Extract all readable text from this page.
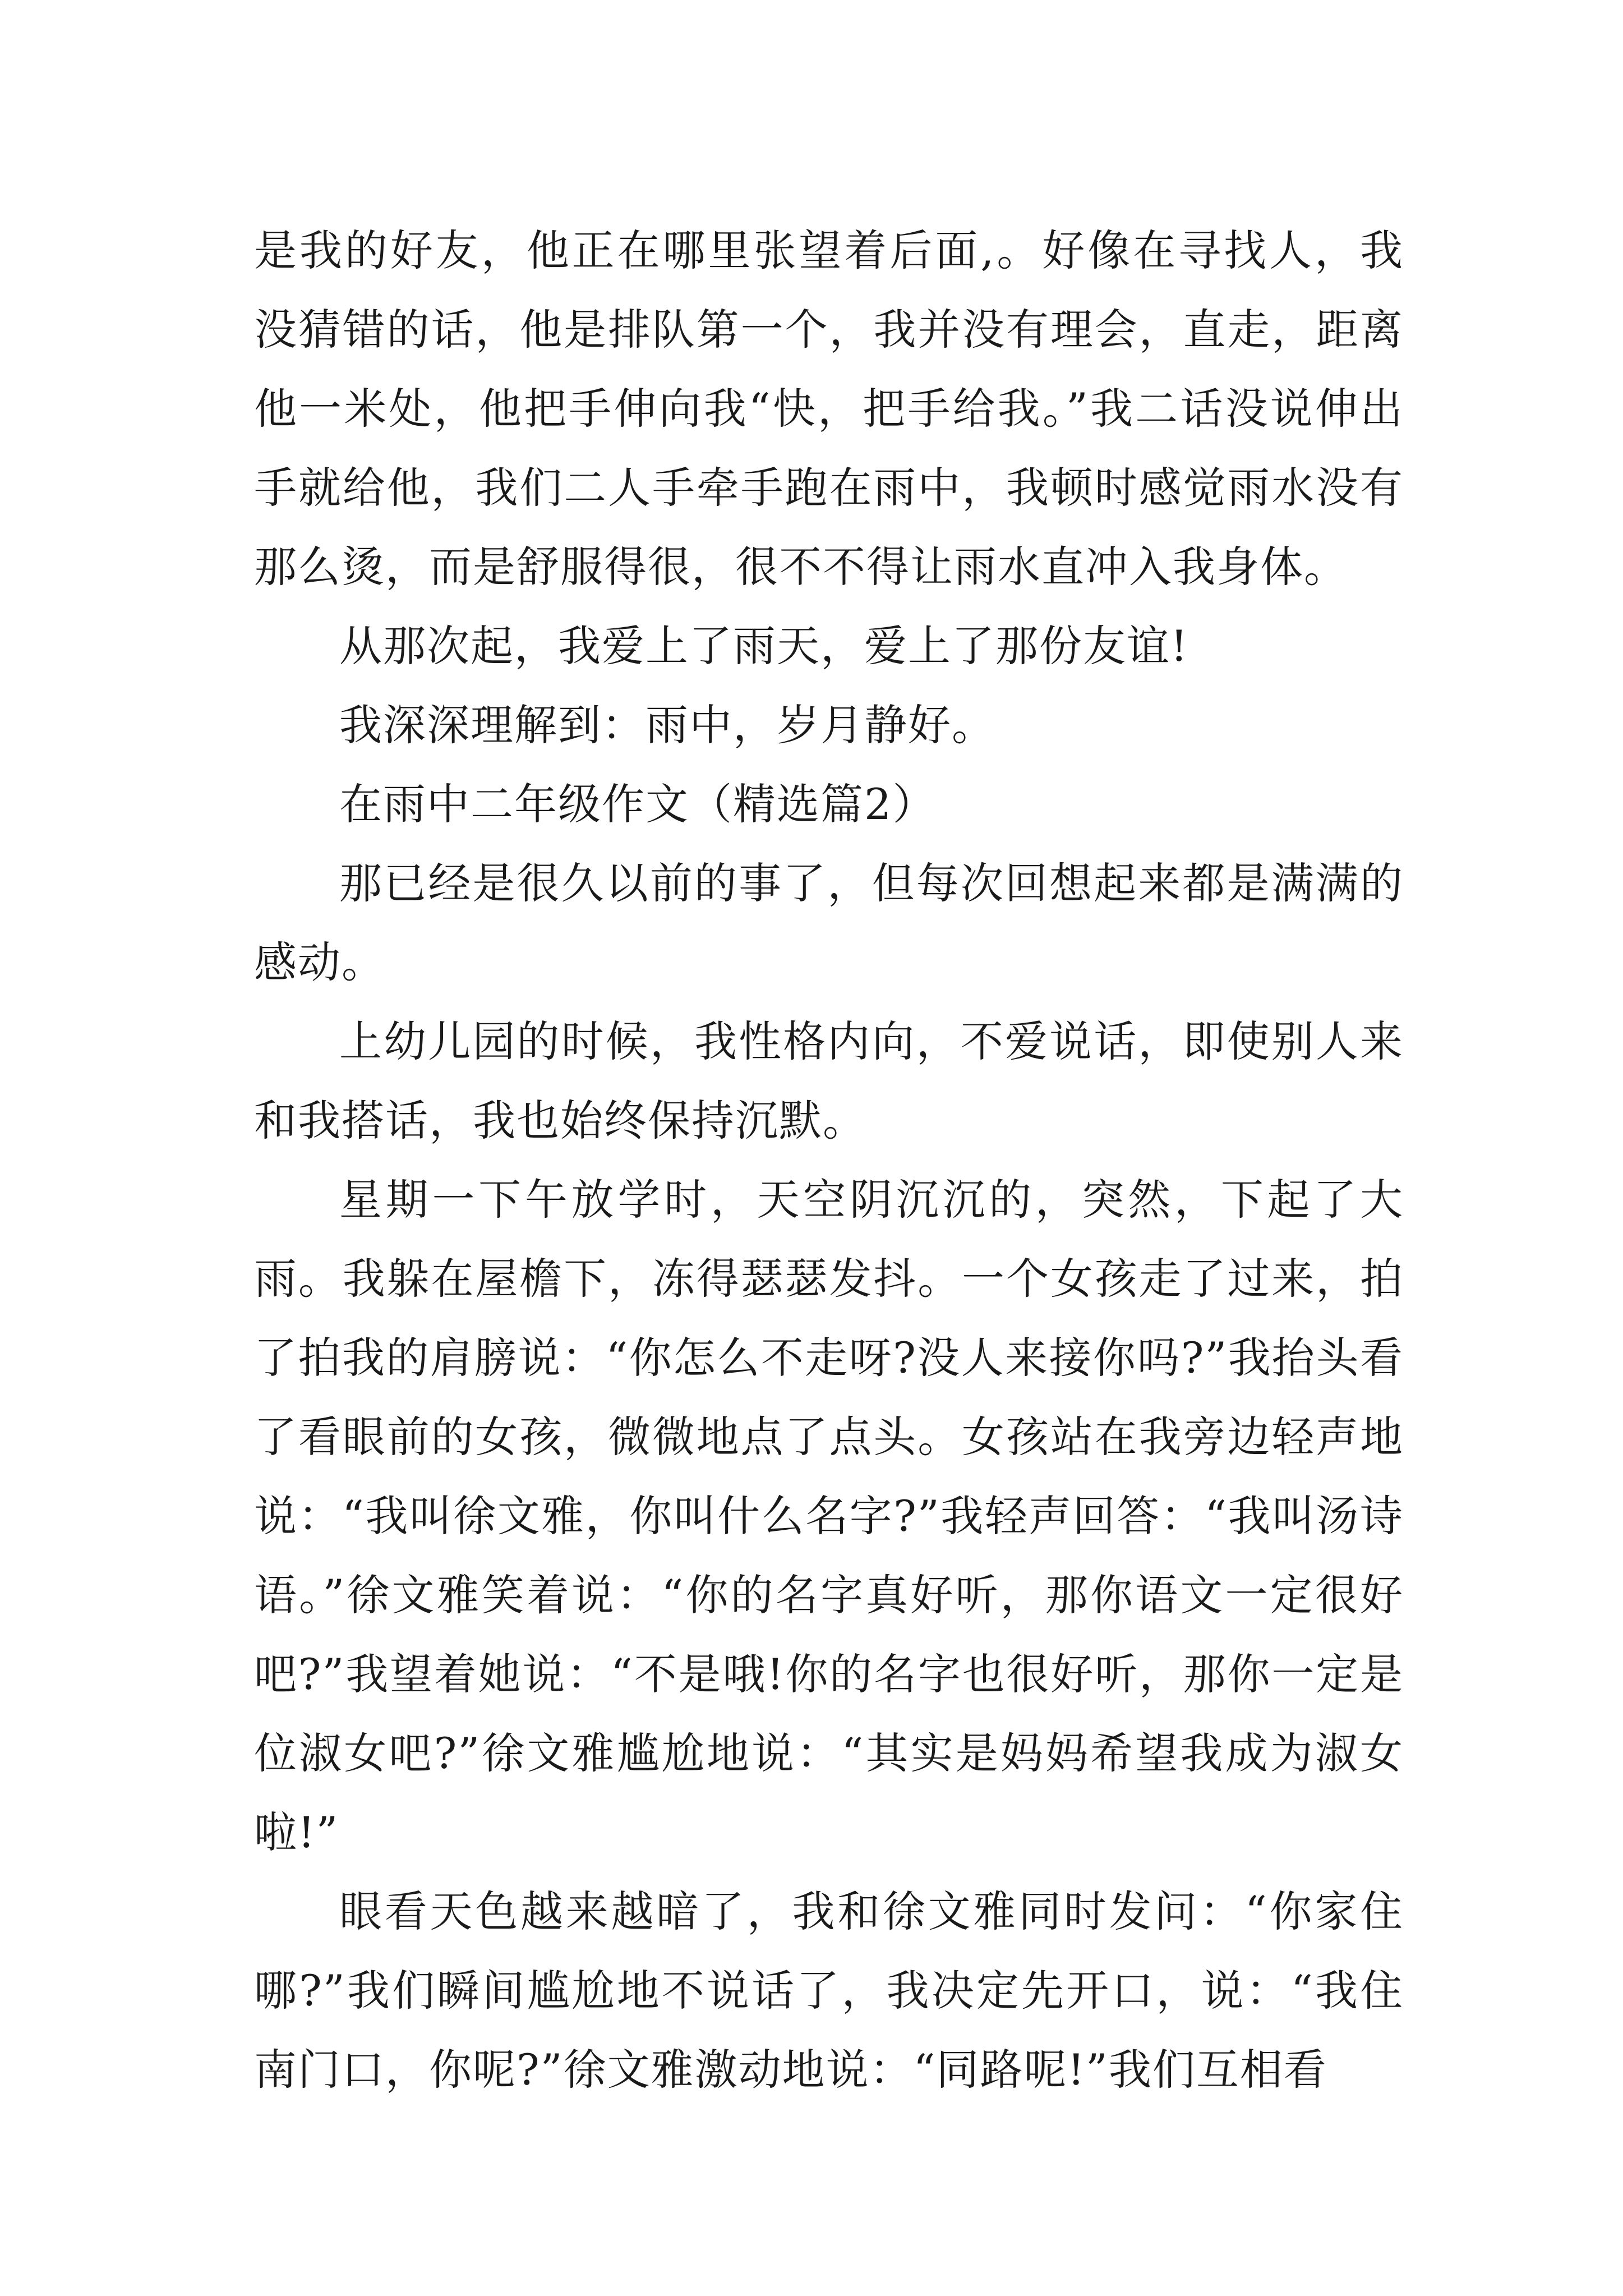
是我的好友，他正在哪里张望着后面,。好像在寻找人，我没猜错的话，他是排队第一个，我并没有理会，直走，距离他一米处，他把手伸向我“快，把手给我。”我二话没说伸出手就给他，我们二人手牵手跑在雨中，我顿时感觉雨水没有那么烫，而是舒服得很，很不不得让雨水直冲入我身体。

从那次起，我爱上了雨天，爱上了那份友谊!

我深深理解到：雨中，岁月静好。

在雨中二年级作文（精选篇2）

那已经是很久以前的事了，但每次回想起来都是满满的感动。

上幼儿园的时候，我性格内向，不爱说话，即使别人来和我搭话，我也始终保持沉默。

星期一下午放学时，天空阴沉沉的，突然，下起了大雨。我躲在屋檐下，冻得瑟瑟发抖。一个女孩走了过来，拍了拍我的肩膀说：“你怎么不走呀?没人来接你吗?”我抬头看了看眼前的女孩，微微地点了点头。女孩站在我旁边轻声地说：“我叫徐文雅，你叫什么名字?”我轻声回答：“我叫汤诗语。”徐文雅笑着说：“你的名字真好听，那你语文一定很好吧?”我望着她说：“不是哦!你的名字也很好听，那你一定是位淑女吧?”徐文雅尴尬地说：“其实是妈妈希望我成为淑女啦!”

眼看天色越来越暗了，我和徐文雅同时发问：“你家住哪?”我们瞬间尴尬地不说话了，我决定先开口，说：“我住南门口，你呢?”徐文雅激动地说：“同路呢!”我们互相看
